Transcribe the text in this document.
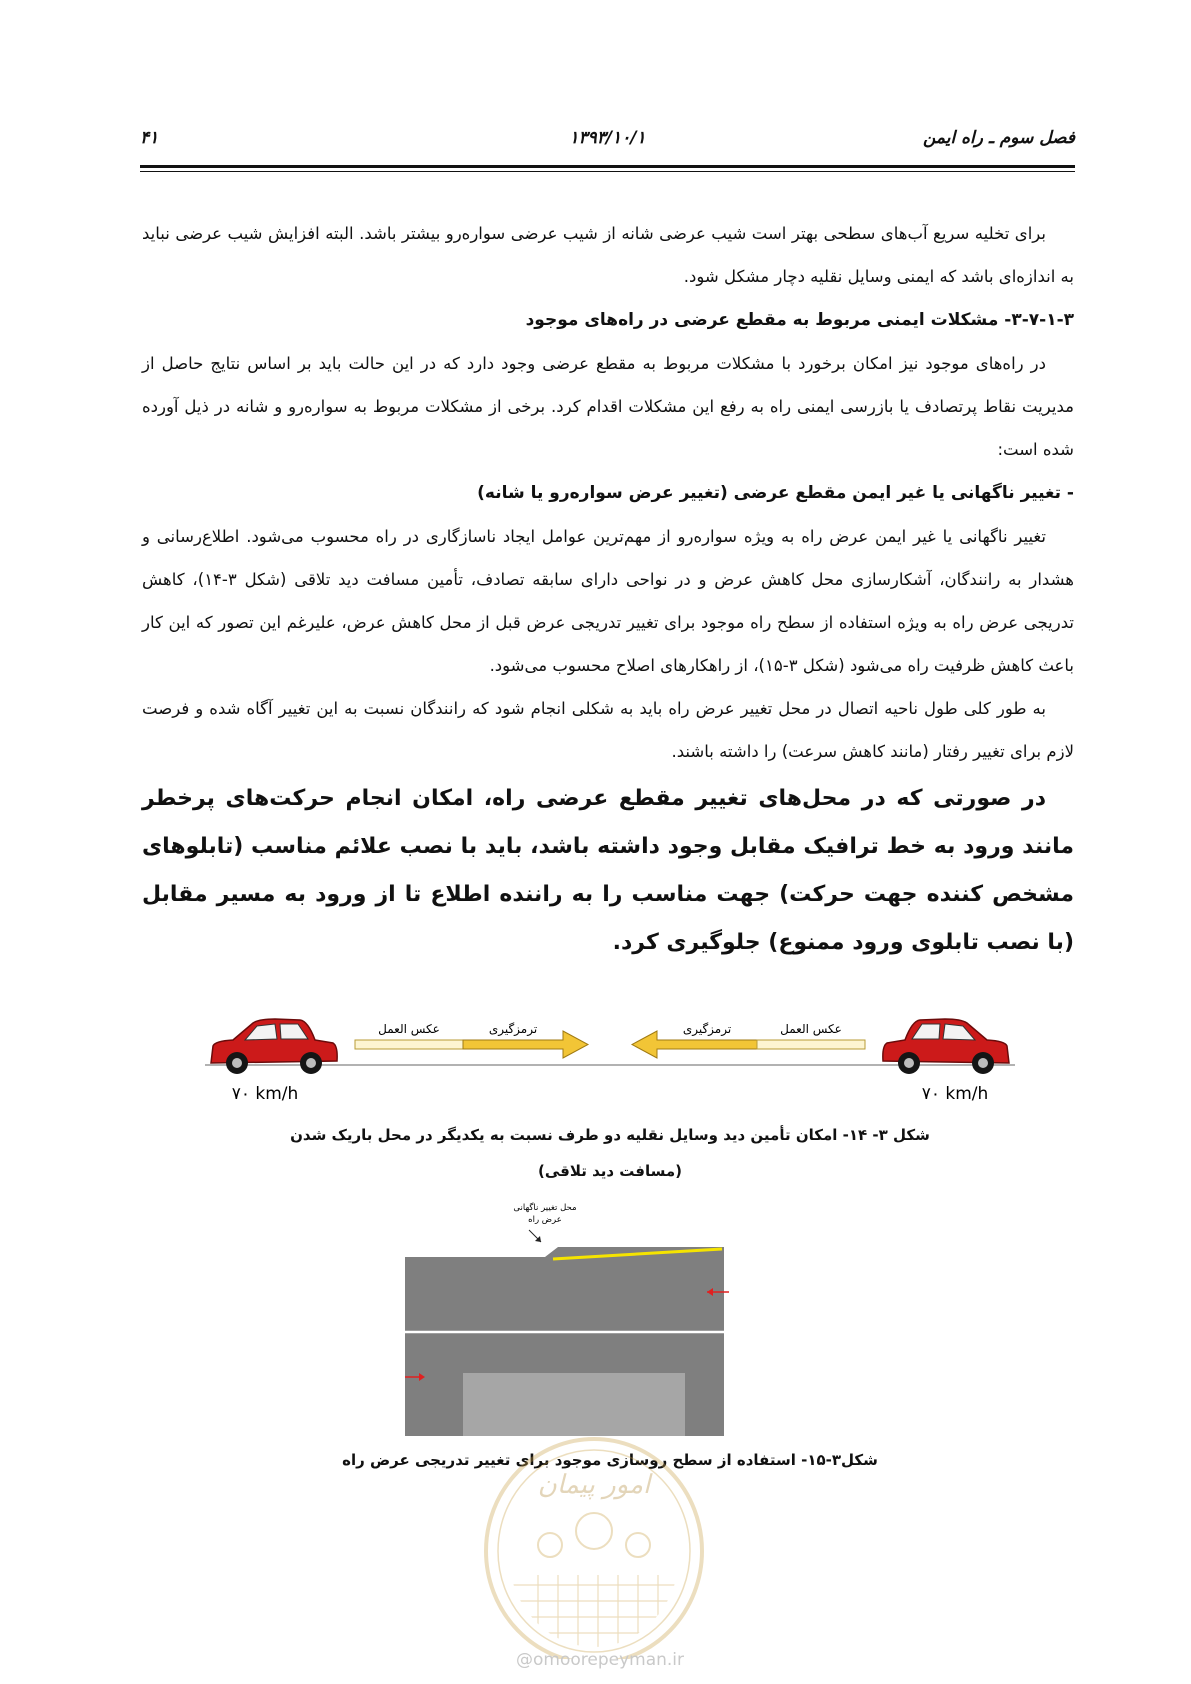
فصل سوم ـ راه ایمن
۱۳۹۳/۱۰/۱
۴۱

برای تخلیه سریع آب‌های سطحی بهتر است شیب عرضی شانه از شیب عرضی سواره‌رو بیشتر باشد. البته افزایش شیب عرضی نباید به اندازه‌ای باشد که ایمنی وسایل نقلیه دچار مشکل شود.

۳-۷-۱-۳- مشکلات ایمنی مربوط به مقطع عرضی در راه‌های موجود

در راه‌های موجود نیز امکان برخورد با مشکلات مربوط به مقطع عرضی وجود دارد که در این حالت باید بر اساس نتایج حاصل از مدیریت نقاط پرتصادف یا بازرسی ایمنی راه به رفع این مشکلات اقدام کرد. برخی از مشکلات مربوط به سواره‌رو و شانه در ذیل آورده شده است:

- تغییر ناگهانی یا غیر ایمن مقطع عرضی (تغییر عرض سواره‌رو یا شانه)

تغییر ناگهانی یا غیر ایمن عرض راه به ویژه سواره‌رو از مهم‌ترین عوامل ایجاد ناسازگاری در راه محسوب می‌شود. اطلاع‌رسانی و هشدار به رانندگان، آشکارسازی محل کاهش عرض و در نواحی دارای سابقه تصادف، تأمین مسافت دید تلاقی (شکل ۳-۱۴)، کاهش تدریجی عرض راه به ویژه استفاده از سطح راه موجود برای تغییر تدریجی عرض قبل از محل کاهش عرض، علیرغم این تصور که این کار باعث کاهش ظرفیت راه می‌شود (شکل ۳-۱۵)، از راهکارهای اصلاح محسوب می‌شود.

به طور کلی طول ناحیه اتصال در محل تغییر عرض راه باید به شکلی انجام شود که رانندگان نسبت به این تغییر آگاه شده و فرصت لازم برای تغییر رفتار (مانند کاهش سرعت) را داشته باشند.

در صورتی که در محل‌های تغییر مقطع عرضی راه، امکان انجام حرکت‌های پرخطر مانند ورود به خط ترافیک مقابل وجود داشته باشد، باید با نصب علائم مناسب (تابلوهای مشخص کننده جهت حرکت) جهت مناسب را به راننده اطلاع تا از ورود به مسیر مقابل (با نصب تابلوی ورود ممنوع) جلوگیری کرد.

عکس العمل	ترمزگیری	ترمزگیری	عکس العمل
۷۰ km/h	۷۰ km/h
شکل ۳- ۱۴- امکان تأمین دید وسایل نقلیه دو طرف نسبت به یکدیگر در محل باریک شدن
(مسافت دید تلاقی)
محل تغییر ناگهانی
عرض راه
شکل۳-۱۵- استفاده از سطح روسازی موجود برای تغییر تدریجی عرض راه
امور پیمان
@omoorepeyman.ir
